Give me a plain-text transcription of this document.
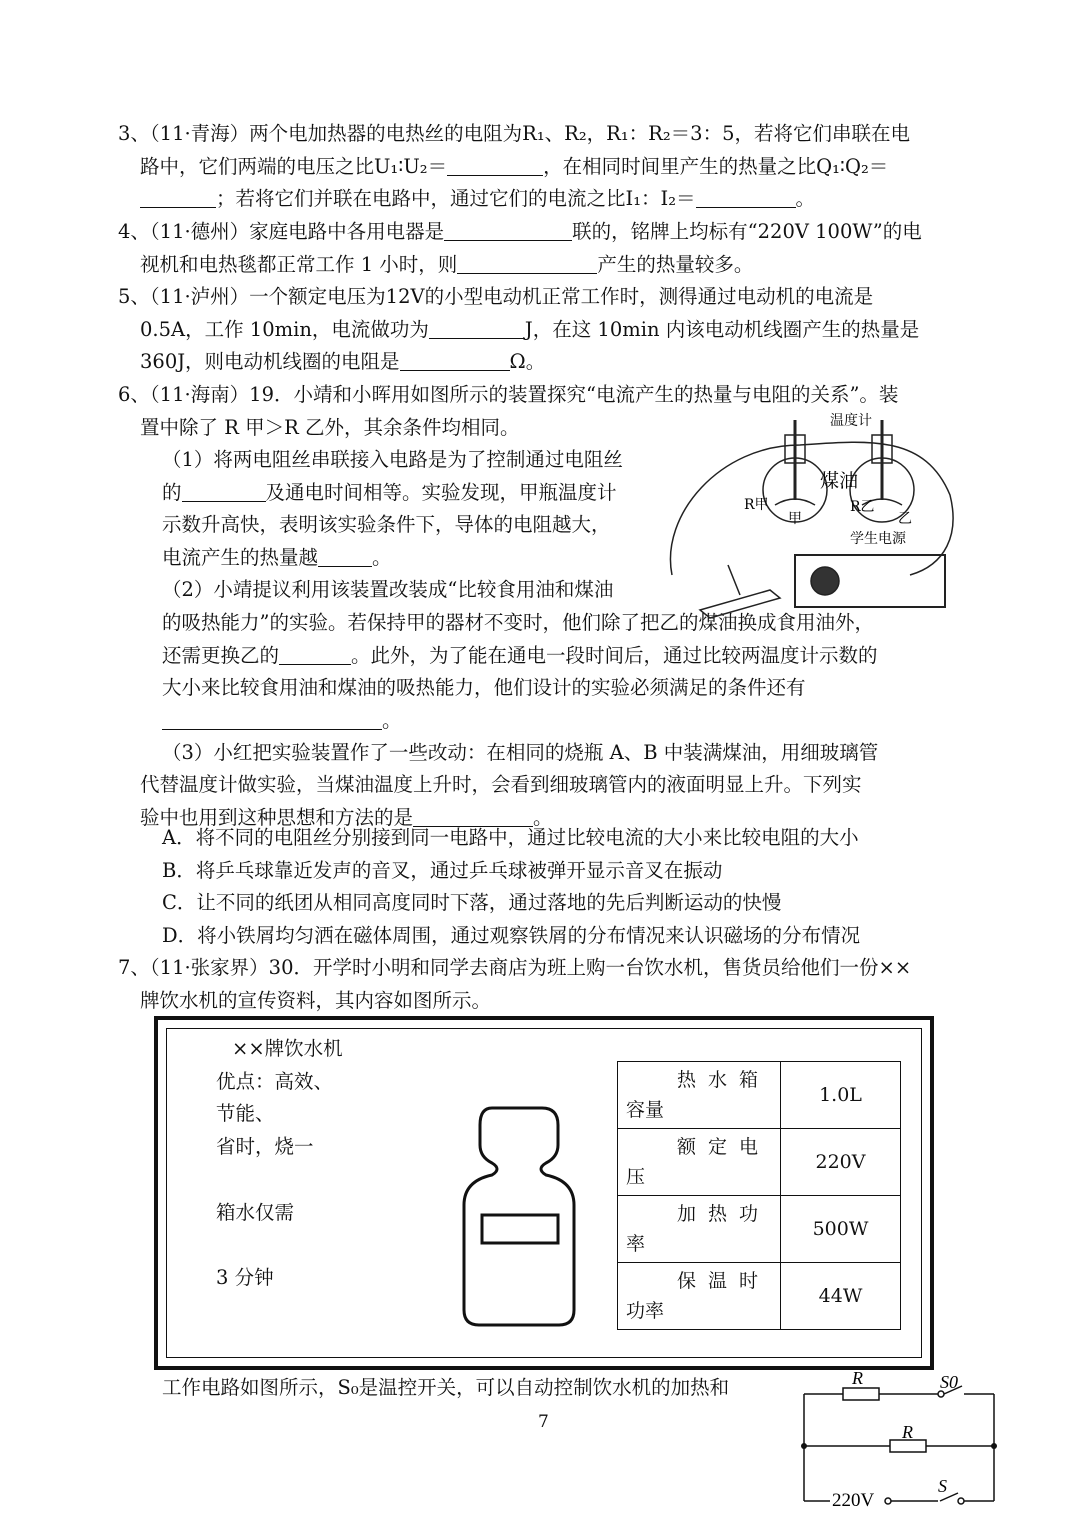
3、（11·青海）两个电加热器的电热丝的电阻为R₁、R₂，R₁：R₂＝3：5，若将它们串联在电
路中，它们两端的电压之比U₁∶U₂＝	，在相同时间里产生的热量之比Q₁∶Q₂＝
；若将它们并联在电路中，通过它们的电流之比I₁：I₂＝	。
4、（11·德州）家庭电路中各用电器是	联的，铭牌上均标有“220V 100W”的电
视机和电热毯都正常工作 1 小时，则	产生的热量较多。
5、（11·泸州）一个额定电压为12V的小型电动机正常工作时，测得通过电动机的电流是
0.5A，工作 10min，电流做功为	J，在这 10min 内该电动机线圈产生的热量是
360J，则电动机线圈的电阻是	Ω。
6、（11·海南）19．小靖和小晖用如图所示的装置探究“电流产生的热量与电阻的关系”。装
置中除了 R 甲＞R 乙外，其余条件均相同。
（1）将两电阻丝串联接入电路是为了控制通过电阻丝
的	及通电时间相等。实验发现，甲瓶温度计
示数升高快，表明该实验条件下，导体的电阻越大，
电流产生的热量越	。
（2）小靖提议利用该装置改装成“比较食用油和煤油
的吸热能力”的实验。若保持甲的器材不变时，他们除了把乙的煤油换成食用油外，
还需更换乙的	。此外，为了能在通电一段时间后，通过比较两温度计示数的
大小来比较食用油和煤油的吸热能力，他们设计的实验必须满足的条件还有
。
（3）小红把实验装置作了一些改动：在相同的烧瓶 A、B 中装满煤油，用细玻璃管
代替温度计做实验，当煤油温度上升时，会看到细玻璃管内的液面明显上升。下列实
验中也用到这种思想和方法的是	。
A．将不同的电阻丝分别接到同一电路中，通过比较电流的大小来比较电阻的大小
B．将乒乓球靠近发声的音叉，通过乒乓球被弹开显示音叉在振动
C．让不同的纸团从相同高度同时下落，通过落地的先后判断运动的快慢
D．将小铁屑均匀洒在磁体周围，通过观察铁屑的分布情况来认识磁场的分布情况
温度计
煤油
R甲
甲
R乙
乙
学生电源
7、（11·张家界）30．开学时小明和同学去商店为班上购一台饮水机，售货员给他们一份××
牌饮水机的宣传资料，其内容如图所示。
××牌饮水机
优点：高效、
节能、
省时，烧一
箱水仅需
3 分钟
热水箱
容量	1.0L

额定电
压	220V

加热功
率	500W

保温时
功率	44W
工作电路如图所示，S₀是温控开关，可以自动控制饮水机的加热和	R	S0
R
220V
S
7
